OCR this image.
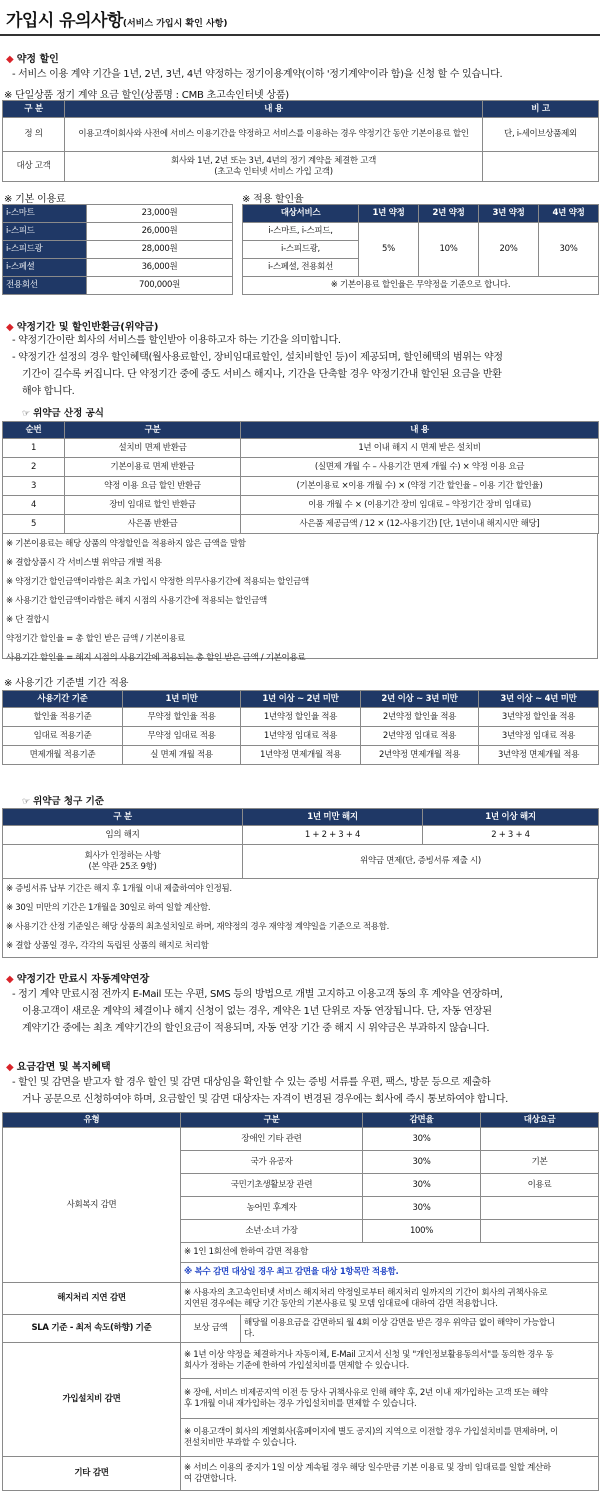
가입시 유의사항(서비스 가입시 확인 사항)
◆ 약정 할인
- 서비스 이용 계약 기간을 1년, 2년, 3년, 4년 약정하는 정기이용계약(이하 '정기계약'이라 함)을 신청 할 수 있습니다.
※ 단일상품 정기 계약 요금 할인(상품명 : CMB 초고속인터넷 상품)
구 분	내 용	비 고
정 의	이용고객이회사와 사전에 서비스 이용기간을 약정하고 서비스를 이용하는 경우 약정기간 동안 기본이용료 할인	단, i-세이브상품제외
대상 고객	회사와 1년, 2년 또는 3년, 4년의 정기 계약을 체결한 고객
(초고속 인터넷 서비스 가입 고객)	

※ 기본 이용료
i-스마트	23,000원
i-스피드	26,000원
i-스피드광	28,000원
i-스페셜	36,000원
전용회선	700,000원
※ 적용 할인율
대상서비스	1년 약정	2년 약정	3년 약정	4년 약정
i-스마트, i-스피드,	5%	10%	20%	30%
i-스피드광,				
i-스페셜, 전용회선				
※ 기본이용료 할인율은 무약정을 기준으로 합니다.				
◆ 약정기간 및 할인반환금(위약금)
- 약정기간이란 회사의 서비스를 할인받아 이용하고자 하는 기간을 의미합니다.
- 약정기간 설정의 경우 할인혜택(월사용료할인, 장비임대료할인, 설치비할인 등)이 제공되며, 할인혜택의 범위는 약정
기간이 길수록 커집니다. 단 약정기간 중에 중도 서비스 해지나, 기간을 단축할 경우 약정기간내 할인된 요금을 반환
해야 합니다.
☞ 위약금 산정 공식
순번	구분	내 용
1	설치비 면제 반환금	1년 이내 해지 시 면제 받은 설치비
2	기본이용료 면제 반환금	(실면제 개월 수 – 사용기간 면제 개월 수) × 약정 이용 요금
3	약정 이용 요금 할인 반환금	(기본이용료 ×이용 개월 수) × (약정 기간 할인율 – 이용 기간 할인율)
4	장비 임대료 할인 반환금	이용 개월 수 × (이용기간 장비 임대료 – 약정기간 장비 임대료)
5	사은품 반환금	사은품 제공금액 / 12 × (12-사용기간) [단, 1년이내 해지시만 해당]

※ 기본이용료는 해당 상품의 약정할인을 적용하지 않은 금액을 말함

※ 결합상품시 각 서비스별 위약금 개별 적용

※ 약정기간 할인금액이라함은 최초 가입시 약정한 의무사용기간에 적용되는 할인금액

※ 사용기간 할인금액이라함은 해지 시점의 사용기간에 적용되는 할인금액

※ 단 결합시

약정기간 할인율 = 총 할인 받은 금액 / 기본이용료

사용기간 할인율 = 해지 시점의 사용기간에 적용되는 총 할인 받은 금액 / 기본이용료

※ 사용기간 기준별 기간 적용
사용기간 기준	1년 미만	1년 이상 ~ 2년 미만	2년 이상 ~ 3년 미만	3년 이상 ~ 4년 미만
할인율 적용기준	무약정 할인율 적용	1년약정 할인율 적용	2년약정 할인율 적용	3년약정 할인율 적용
임대료 적용기준	무약정 임대료 적용	1년약정 임대료 적용	2년약정 임대료 적용	3년약정 임대료 적용
면제개월 적용기준	실 면제 개월 적용	1년약정 면제개월 적용	2년약정 면제개월 적용	3년약정 면제개월 적용
☞ 위약금 청구 기준
구 분	1년 미만 해지	1년 이상 해지
임의 해지	1 + 2 + 3 + 4	2 + 3 + 4

회사가 인정하는 사항
(본 약관 25조 9항)	위약금 면제(단, 증빙서류 제출 시)	

※ 증빙서류 납부 기간은 해지 후 1개월 이내 제출하여야 인정됨.

※ 30일 미만의 기간은 1개월을 30일로 하여 일할 계산함.

※ 사용기간 산정 기준일은 해당 상품의 최초설치일로 하며, 재약정의 경우 재약정 계약일을 기준으로 적용함.

※ 결합 상품일 경우, 각각의 독립된 상품의 해지로 처리함

◆ 약정기간 만료시 자동계약연장
- 정기 계약 만료시점 전까지 E-Mail 또는 우편, SMS 등의 방법으로 개별 고지하고 이용고객 동의 후 계약을 연장하며,
이용고객이 새로운 계약의 체결이나 해지 신청이 없는 경우, 계약은 1년 단위로 자동 연장됩니다. 단, 자동 연장된
계약기간 중에는 최초 계약기간의 할인요금이 적용되며, 자동 연장 기간 중 해지 시 위약금은 부과하지 않습니다.
◆ 요금감면 및 복지혜택
- 할인 및 감면을 받고자 할 경우 할인 및 감면 대상임을 확인할 수 있는 증빙 서류를 우편, 팩스, 방문 등으로 제출하
거나 공문으로 신청하여야 하며, 요금할인 및 감면 대상자는 자격이 변경된 경우에는 회사에 즉시 통보하여야 합니다.
유형	구분		감면율	대상요금
사회복지 감면	장애인 기타 관련		30%	
	국가 유공자		30%	기본
	국민기초생활보장 관련		30%	이용료
	농어민 후계자		30%	
	소년·소녀 가장		100%	
	※ 1인 1회선에 한하여 감면 적용함			
	※ 복수 감면 대상일 경우 최고 감면율 대상 1항목만 적용함.			
해지처리 지연 감면	※ 사용자의 초고속인터넷 서비스 해지처리 약정일로부터 해지처리 일까지의 기간이 회사의 귀책사유로
지연된 경우에는 해당 기간 동안의 기본사용료 및 모뎀 임대료에 대하여 감면 적용합니다.			

SLA 기준 - 최저 속도(하향) 기준	보상 금액	해당월 이용요금을 감면하되 월 4회 이상 감면을 받은 경우 위약금 없이 해약이 가능합니
다.		

가입설치비 감면	※ 1년 이상 약정을 체결하거나 자동이체, E-Mail 고지서 신청 및 "개인정보활용동의서"를 동의한 경우 동
회사가 정하는 기준에 한하여 가입설치비를 면제할 수 있습니다.			

	※ 장애, 서비스 비제공지역 이전 등 당사 귀책사유로 인해 해약 후, 2년 이내 재가입하는 고객 또는 해약
후 1개월 이내 재가입하는 경우 가입설치비를 면제할 수 있습니다.			

	※ 이용고객이 회사의 계열회사(홈페이지에 별도 공지)의 지역으로 이전할 경우 가입설치비를 면제하며, 이
전설치비만 부과할 수 있습니다.			

기타 감면	※ 서비스 이용의 중지가 1일 이상 계속될 경우 해당 일수만큼 기본 이용료 및 장비 임대료를 일할 계산하
여 감면합니다.			
